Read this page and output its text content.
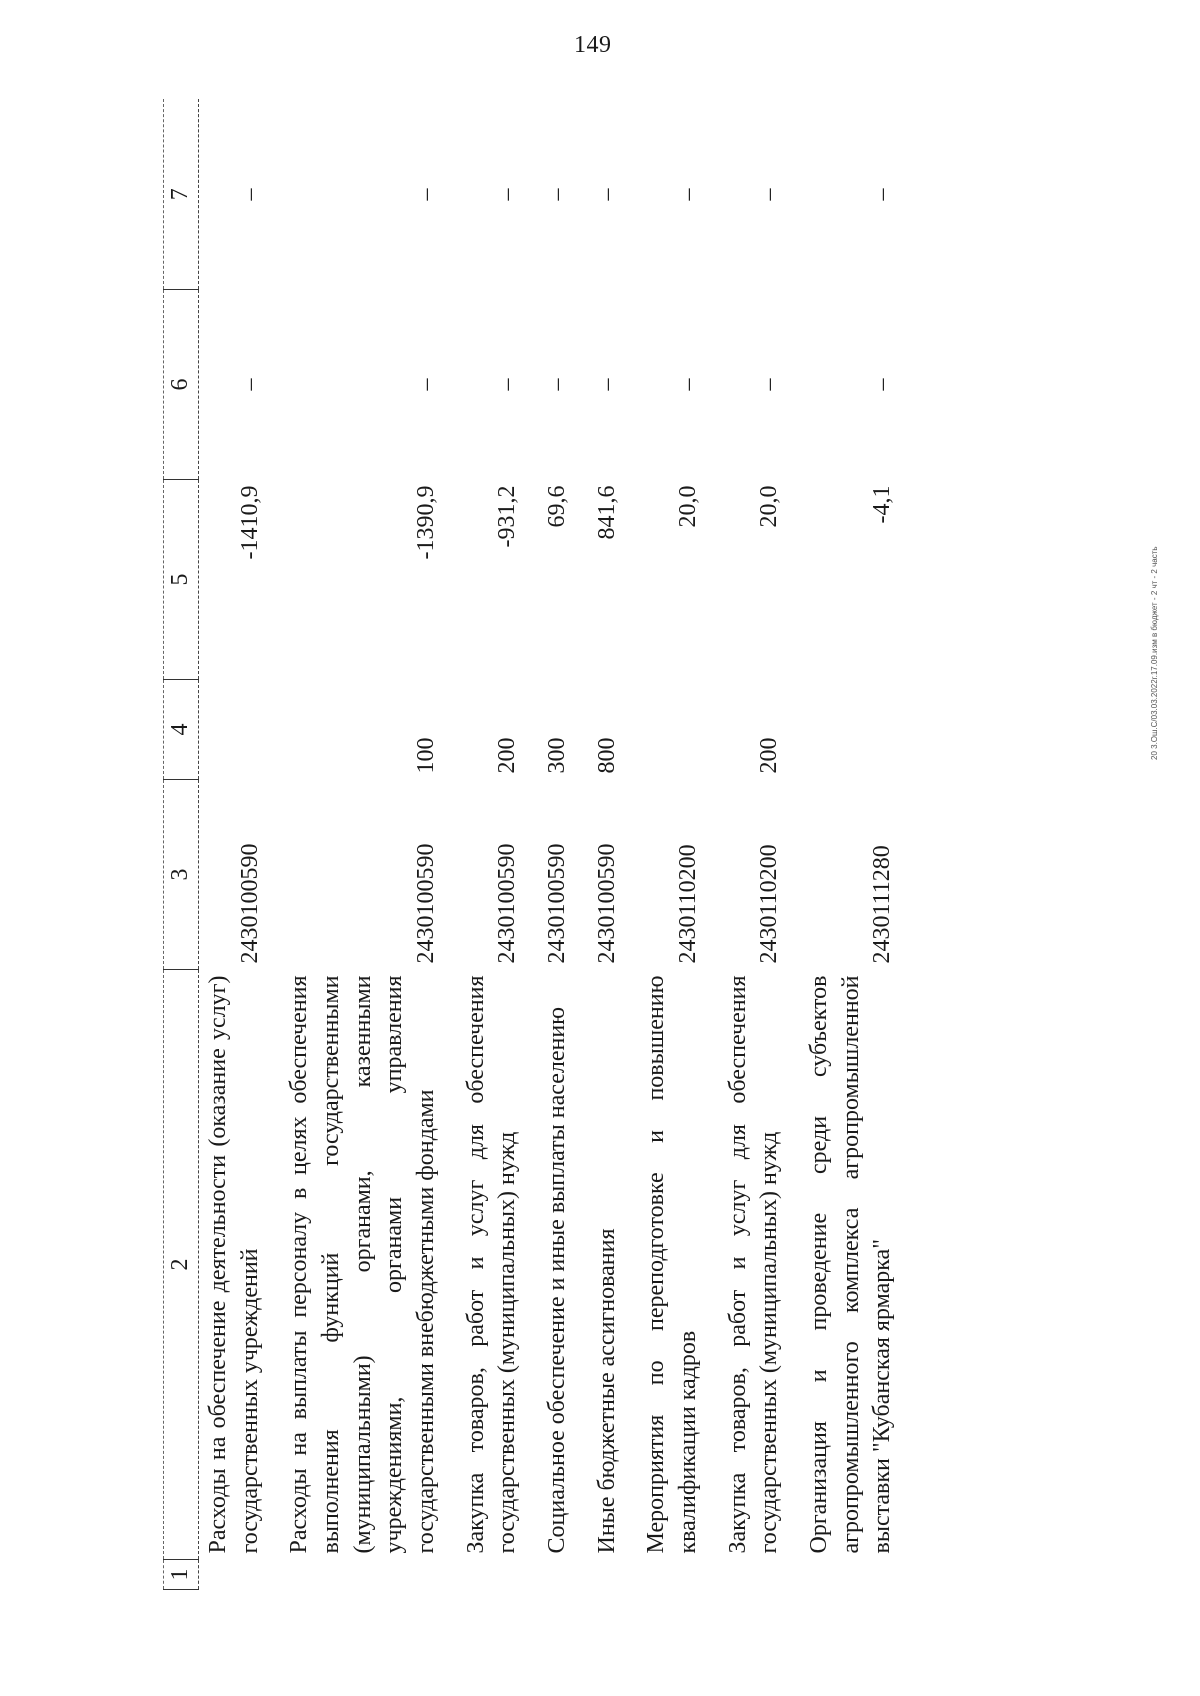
149
1	2	3	4	5	6	7
	Расходы на обеспечение деятельности (оказание услуг) государственных учреждений	2430100590		-1410,9	–	–
	Расходы на выплаты персоналу в целях обеспечения выполнения функций государственными (муниципальными) органами, казенными учреждениями, органами управления государственными внебюджетными фондами	2430100590	100	-1390,9	–	–
	Закупка товаров, работ и услуг для обеспечения государственных (муниципальных) нужд	2430100590	200	-931,2	–	–
	Социальное обеспечение и иные выплаты населению	2430100590	300	69,6	–	–
	Иные бюджетные ассигнования	2430100590	800	841,6	–	–
	Мероприятия по переподготовке и повышению квалификации кадров	2430110200		20,0	–	–
	Закупка товаров, работ и услуг для обеспечения государственных (муниципальных) нужд	2430110200	200	20,0	–	–
	Организация и проведение среди субъектов агропромышленного комплекса агропромышленной выставки "Кубанская ярмарка"	2430111280		-4,1	–	–
20 3.Ош.С/03.03.2022г.17.09.изм в бюджет - 2 чт - 2 часть
